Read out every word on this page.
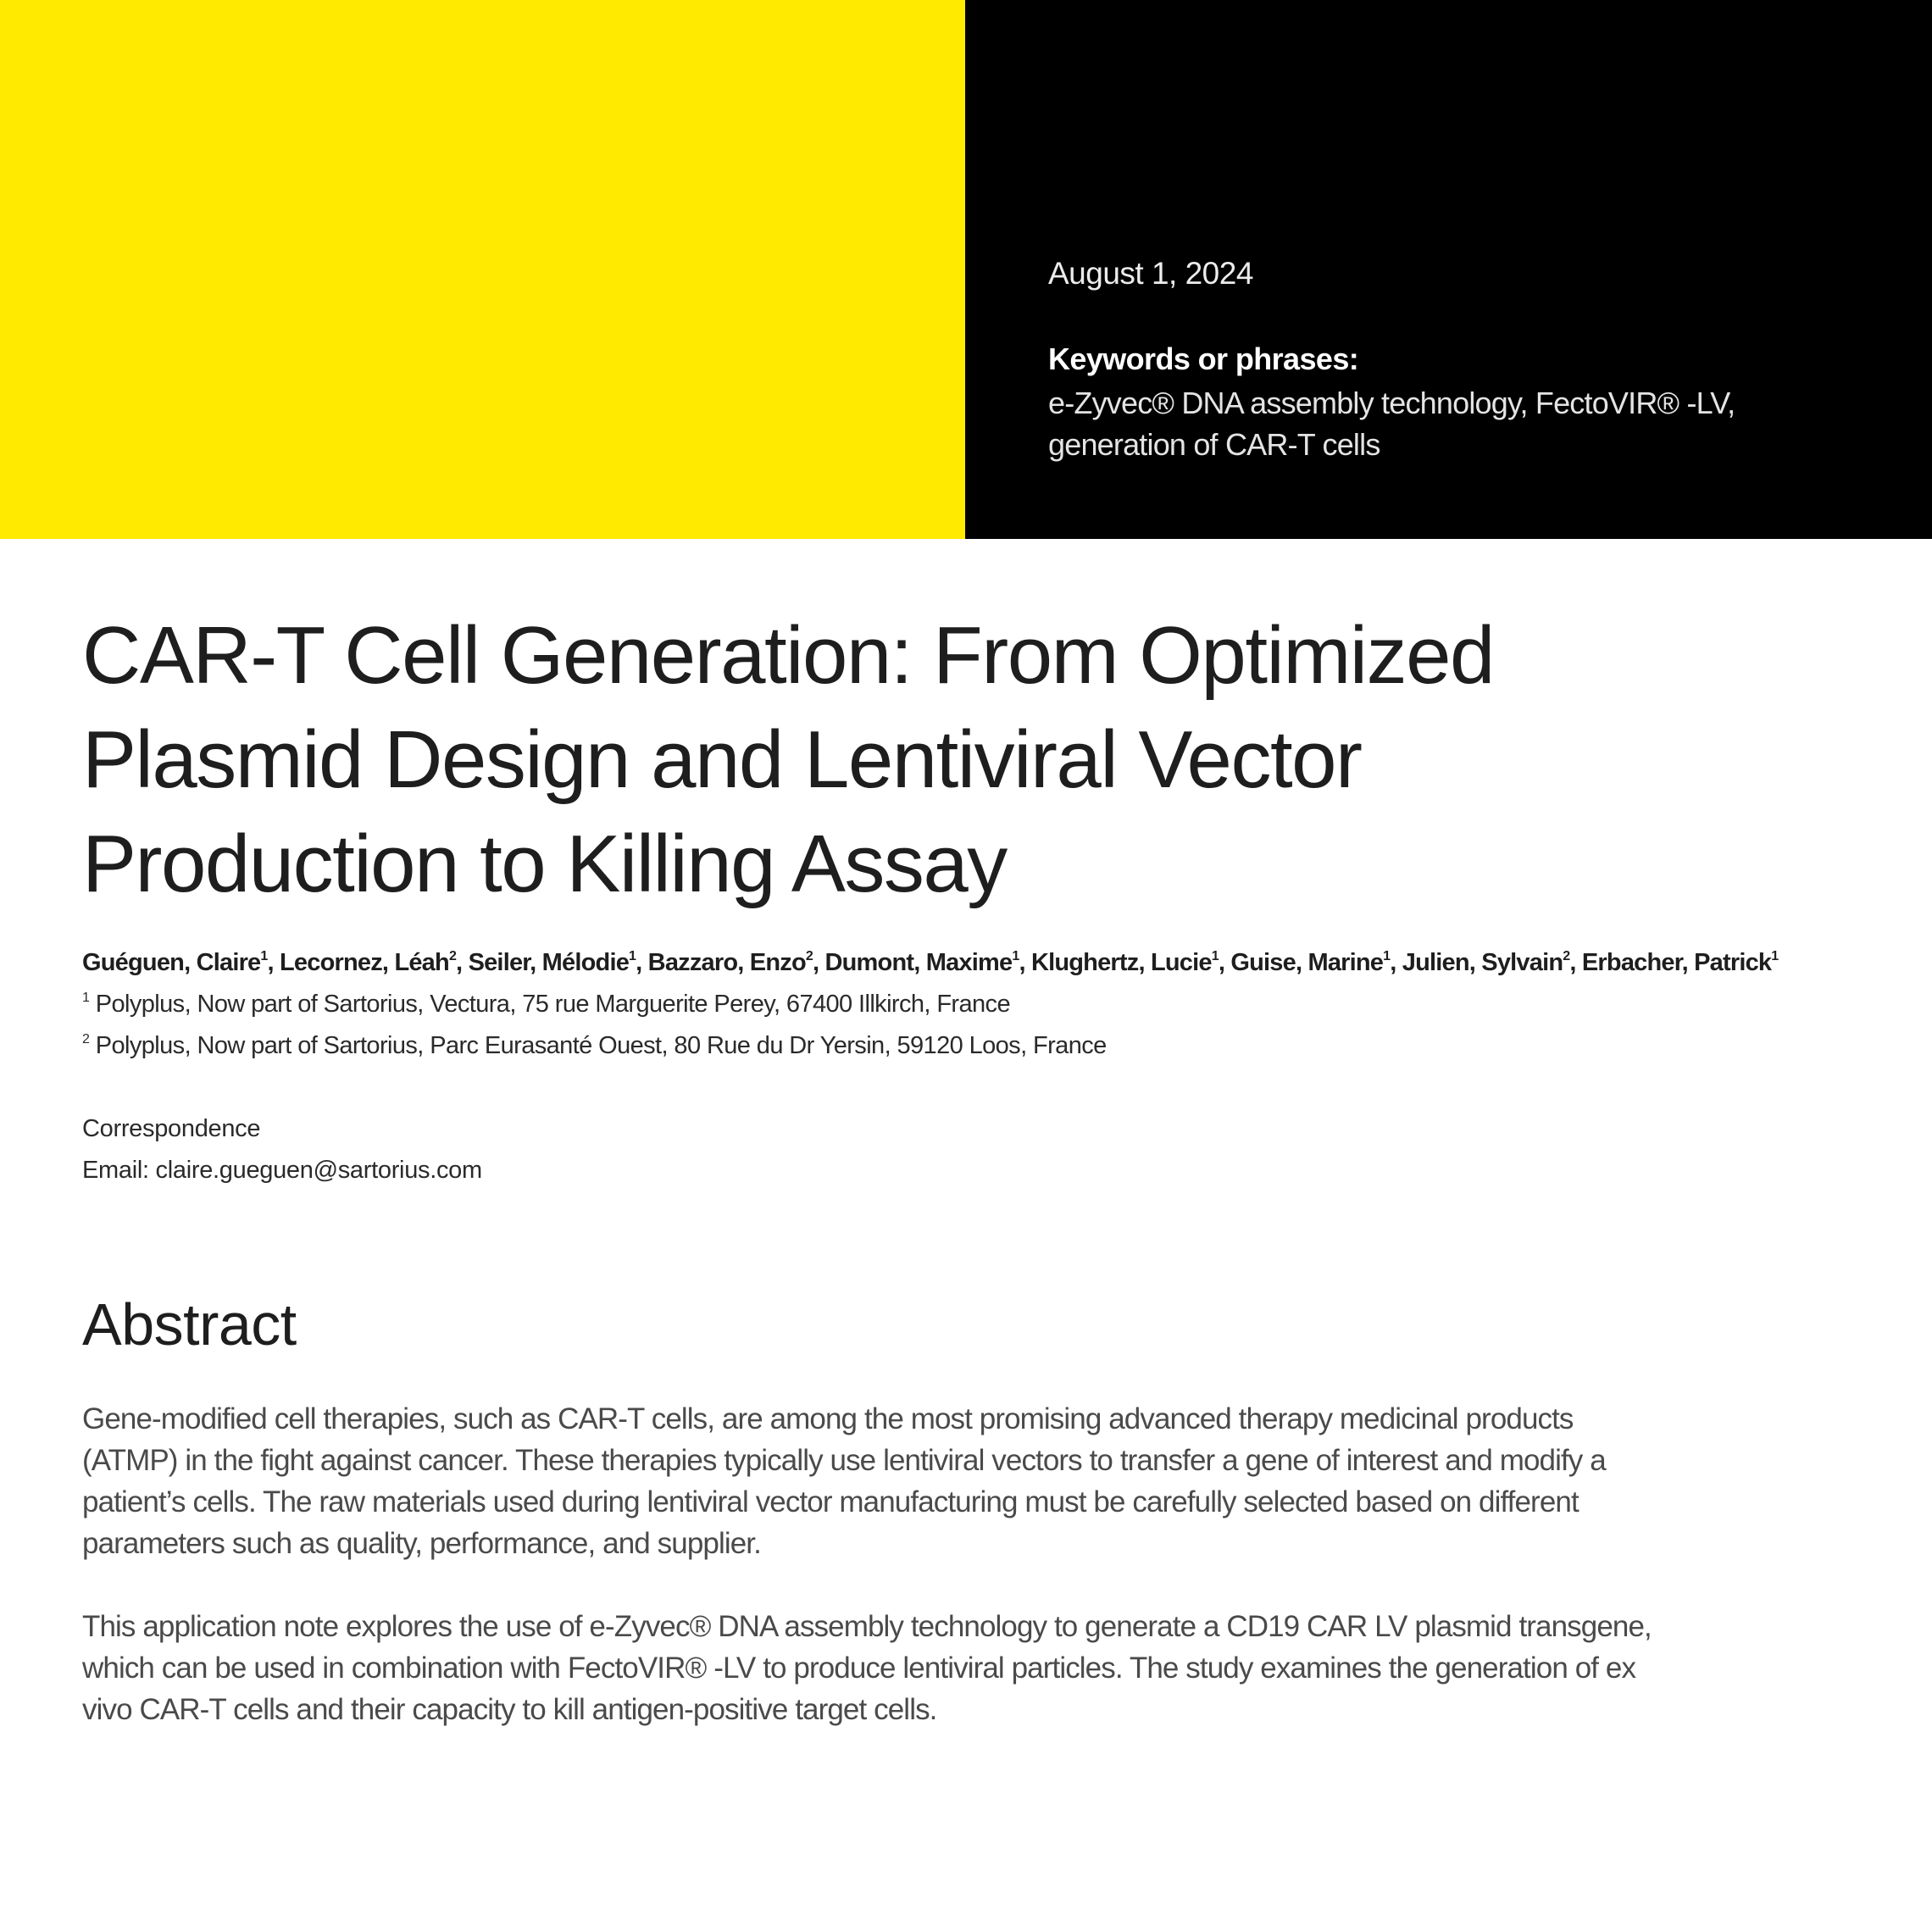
August 1, 2024
Keywords or phrases:
e-Zyvec® DNA assembly technology, FectoVIR® -LV,
generation of CAR-T cells
CAR-T Cell Generation: From Optimized
Plasmid Design and Lentiviral Vector
Production to Killing Assay
Guéguen, Claire$^1$, Lecornez, Léah$^2$, Seiler, Mélodie$^1$, Bazzaro, Enzo$^2$, Dumont, Maxime$^1$, Klughertz, Lucie$^1$, Guise, Marine$^1$, Julien, Sylvain$^2$, Erbacher, Patrick$^1$
$^1$ Polyplus, Now part of Sartorius, Vectura, 75 rue Marguerite Perey, 67400 Illkirch, France
$^2$ Polyplus, Now part of Sartorius, Parc Eurasanté Ouest, 80 Rue du Dr Yersin, 59120 Loos, France
Correspondence
Email: claire.gueguen@sartorius.com
Abstract

Gene-modified cell therapies, such as CAR-T cells, are among the most promising advanced therapy medicinal products
(ATMP) in the fight against cancer. These therapies typically use lentiviral vectors to transfer a gene of interest and modify a
patient’s cells. The raw materials used during lentiviral vector manufacturing must be carefully selected based on different
parameters such as quality, performance, and supplier.

This application note explores the use of e-Zyvec® DNA assembly technology to generate a CD19 CAR LV plasmid transgene,
which can be used in combination with FectoVIR® -LV to produce lentiviral particles. The study examines the generation of ex
vivo CAR-T cells and their capacity to kill antigen-positive target cells.
